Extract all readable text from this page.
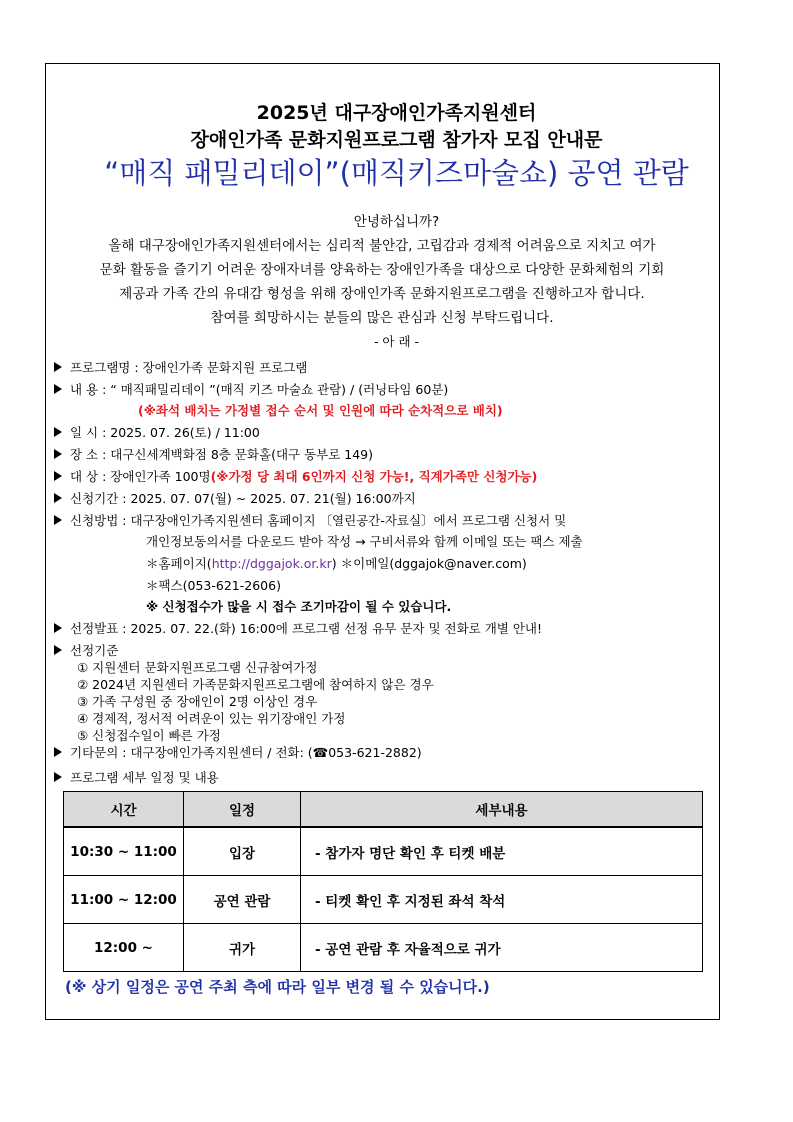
2025년 대구장애인가족지원센터
장애인가족 문화지원프로그램 참가자 모집 안내문
“매직 패밀리데이”(매직키즈마술쇼) 공연 관람
안녕하십니까?
올해 대구장애인가족지원센터에서는 심리적 불안감, 고립감과 경제적 어려움으로 지치고 여가
문화 활동을 즐기기 어려운 장애자녀를 양육하는 장애인가족을 대상으로 다양한 문화체험의 기회
제공과 가족 간의 유대감 형성을 위해 장애인가족 문화지원프로그램을 진행하고자 합니다.
참여를 희망하시는 분들의 많은 관심과 신청 부탁드립니다.
- 아 래 -
프로그램명 : 장애인가족 문화지원 프로그램
내 용 : “ 매직패밀리데이 ”(매직 키즈 마술쇼 관람) / (러닝타임 60분)
(※좌석 배치는 가정별 접수 순서 및 인원에 따라 순차적으로 배치)
일 시 : 2025. 07. 26(토) / 11:00
장 소 : 대구신세계백화점 8층 문화홀(대구 동부로 149)
대 상 : 장애인가족 100명(※가정 당 최대 6인까지 신청 가능!, 직계가족만 신청가능)
신청기간 : 2025. 07. 07(월) ~ 2025. 07. 21(월) 16:00까지
신청방법 : 대구장애인가족지원센터 홈페이지 〔열린공간-자료실〕에서 프로그램 신청서 및
개인정보동의서를 다운로드 받아 작성 → 구비서류와 함께 이메일 또는 팩스 제출
＊홈페이지(http://dggajok.or.kr) ＊이메일(dggajok@naver.com)
＊팩스(053-621-2606)
※ 신청접수가 많을 시 접수 조기마감이 될 수 있습니다.
선정발표 : 2025. 07. 22.(화) 16:00에 프로그램 선정 유무 문자 및 전화로 개별 안내!
선정기준
① 지원센터 문화지원프로그램 신규참여가정
② 2024년 지원센터 가족문화지원프로그램에 참여하지 않은 경우
③ 가족 구성원 중 장애인이 2명 이상인 경우
④ 경제적, 정서적 어려운이 있는 위기장애인 가정
⑤ 신청접수일이 빠른 가정
기타문의 : 대구장애인가족지원센터 / 전화: (☎053-621-2882)
프로그램 세부 일정 및 내용
시간	일정	세부내용
10:30 ~ 11:00	입장	- 참가자 명단 확인 후 티켓 배분
11:00 ~ 12:00	공연 관람	- 티켓 확인 후 지정된 좌석 착석
12:00 ~	귀가	- 공연 관람 후 자율적으로 귀가
(※ 상기 일정은 공연 주최 측에 따라 일부 변경 될 수 있습니다.)
